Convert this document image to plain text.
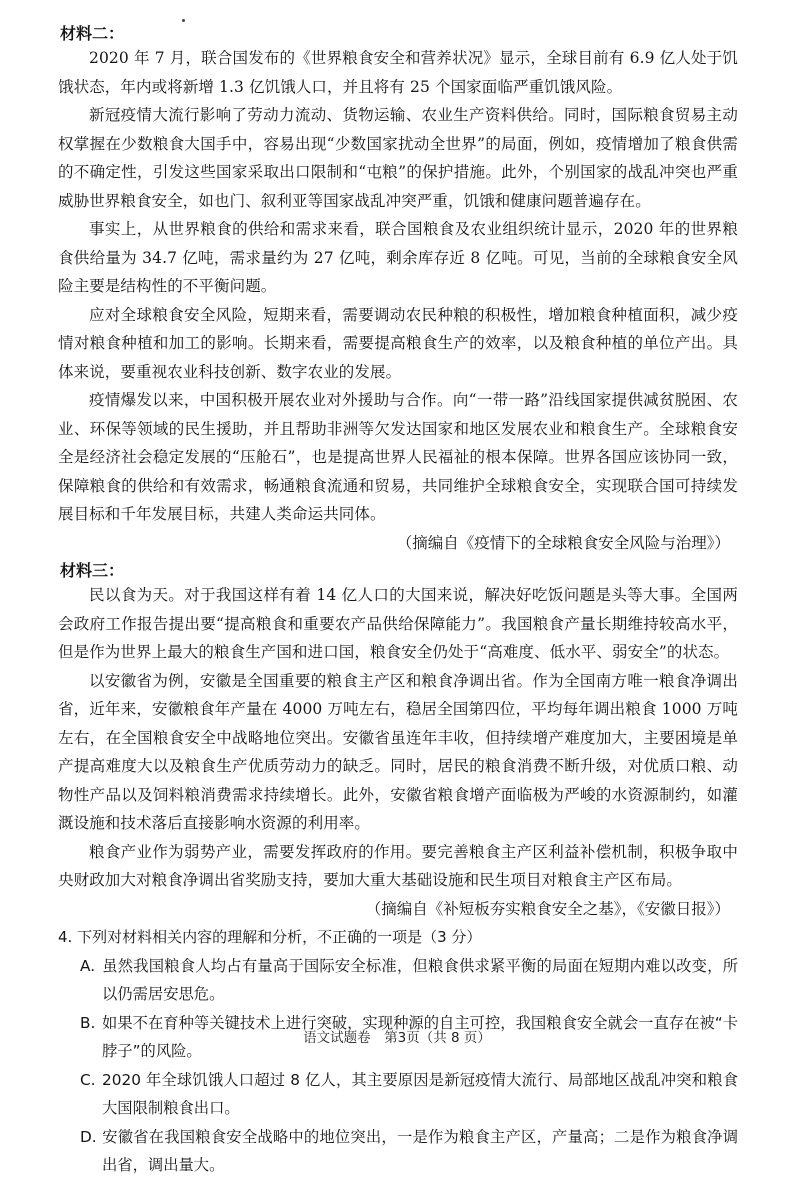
材料二：

2020 年 7 月，联合国发布的《世界粮食安全和营养状况》显示，全球目前有 6.9 亿人处于饥饿状态，年内或将新增 1.3 亿饥饿人口，并且将有 25 个国家面临严重饥饿风险。

新冠疫情大流行影响了劳动力流动、货物运输、农业生产资料供给。同时，国际粮食贸易主动权掌握在少数粮食大国手中，容易出现“少数国家扰动全世界”的局面，例如，疫情增加了粮食供需的不确定性，引发这些国家采取出口限制和“屯粮”的保护措施。此外，个别国家的战乱冲突也严重威胁世界粮食安全，如也门、叙利亚等国家战乱冲突严重，饥饿和健康问题普遍存在。

事实上，从世界粮食的供给和需求来看，联合国粮食及农业组织统计显示，2020 年的世界粮食供给量为 34.7 亿吨，需求量约为 27 亿吨，剩余库存近 8 亿吨。可见，当前的全球粮食安全风险主要是结构性的不平衡问题。

应对全球粮食安全风险，短期来看，需要调动农民种粮的积极性，增加粮食种植面积，减少疫情对粮食种植和加工的影响。长期来看，需要提高粮食生产的效率，以及粮食种植的单位产出。具体来说，要重视农业科技创新、数字农业的发展。

疫情爆发以来，中国积极开展农业对外援助与合作。向“一带一路”沿线国家提供减贫脱困、农业、环保等领域的民生援助，并且帮助非洲等欠发达国家和地区发展农业和粮食生产。全球粮食安全是经济社会稳定发展的“压舱石”，也是提高世界人民福祉的根本保障。世界各国应该协同一致，保障粮食的供给和有效需求，畅通粮食流通和贸易，共同维护全球粮食安全，实现联合国可持续发展目标和千年发展目标，共建人类命运共同体。

（摘编自《疫情下的全球粮食安全风险与治理》）

材料三：

民以食为天。对于我国这样有着 14 亿人口的大国来说，解决好吃饭问题是头等大事。全国两会政府工作报告提出要“提高粮食和重要农产品供给保障能力”。我国粮食产量长期维持较高水平，但是作为世界上最大的粮食生产国和进口国，粮食安全仍处于“高难度、低水平、弱安全”的状态。

以安徽省为例，安徽是全国重要的粮食主产区和粮食净调出省。作为全国南方唯一粮食净调出省，近年来，安徽粮食年产量在 4000 万吨左右，稳居全国第四位，平均每年调出粮食 1000 万吨左右，在全国粮食安全中战略地位突出。安徽省虽连年丰收，但持续增产难度加大，主要困境是单产提高难度大以及粮食生产优质劳动力的缺乏。同时，居民的粮食消费不断升级，对优质口粮、动物性产品以及饲料粮消费需求持续增长。此外，安徽省粮食增产面临极为严峻的水资源制约，如灌溉设施和技术落后直接影响水资源的利用率。

粮食产业作为弱势产业，需要发挥政府的作用。要完善粮食主产区利益补偿机制，积极争取中央财政加大对粮食净调出省奖励支持，要加大重大基础设施和民生项目对粮食主产区布局。

（摘编自《补短板夯实粮食安全之基》，《安徽日报》）

4. 下列对材料相关内容的理解和分析，不正确的一项是（3 分）

A. 虽然我国粮食人均占有量高于国际安全标准，但粮食供求紧平衡的局面在短期内难以改变，所以仍需居安思危。

B. 如果不在育种等关键技术上进行突破，实现种源的自主可控，我国粮食安全就会一直存在被“卡脖子”的风险。

C. 2020 年全球饥饿人口超过 8 亿人，其主要原因是新冠疫情大流行、局部地区战乱冲突和粮食大国限制粮食出口。

D. 安徽省在我国粮食安全战略中的地位突出，一是作为粮食主产区，产量高；二是作为粮食净调出省，调出量大。

语文试题卷　第3页（共 8 页）
